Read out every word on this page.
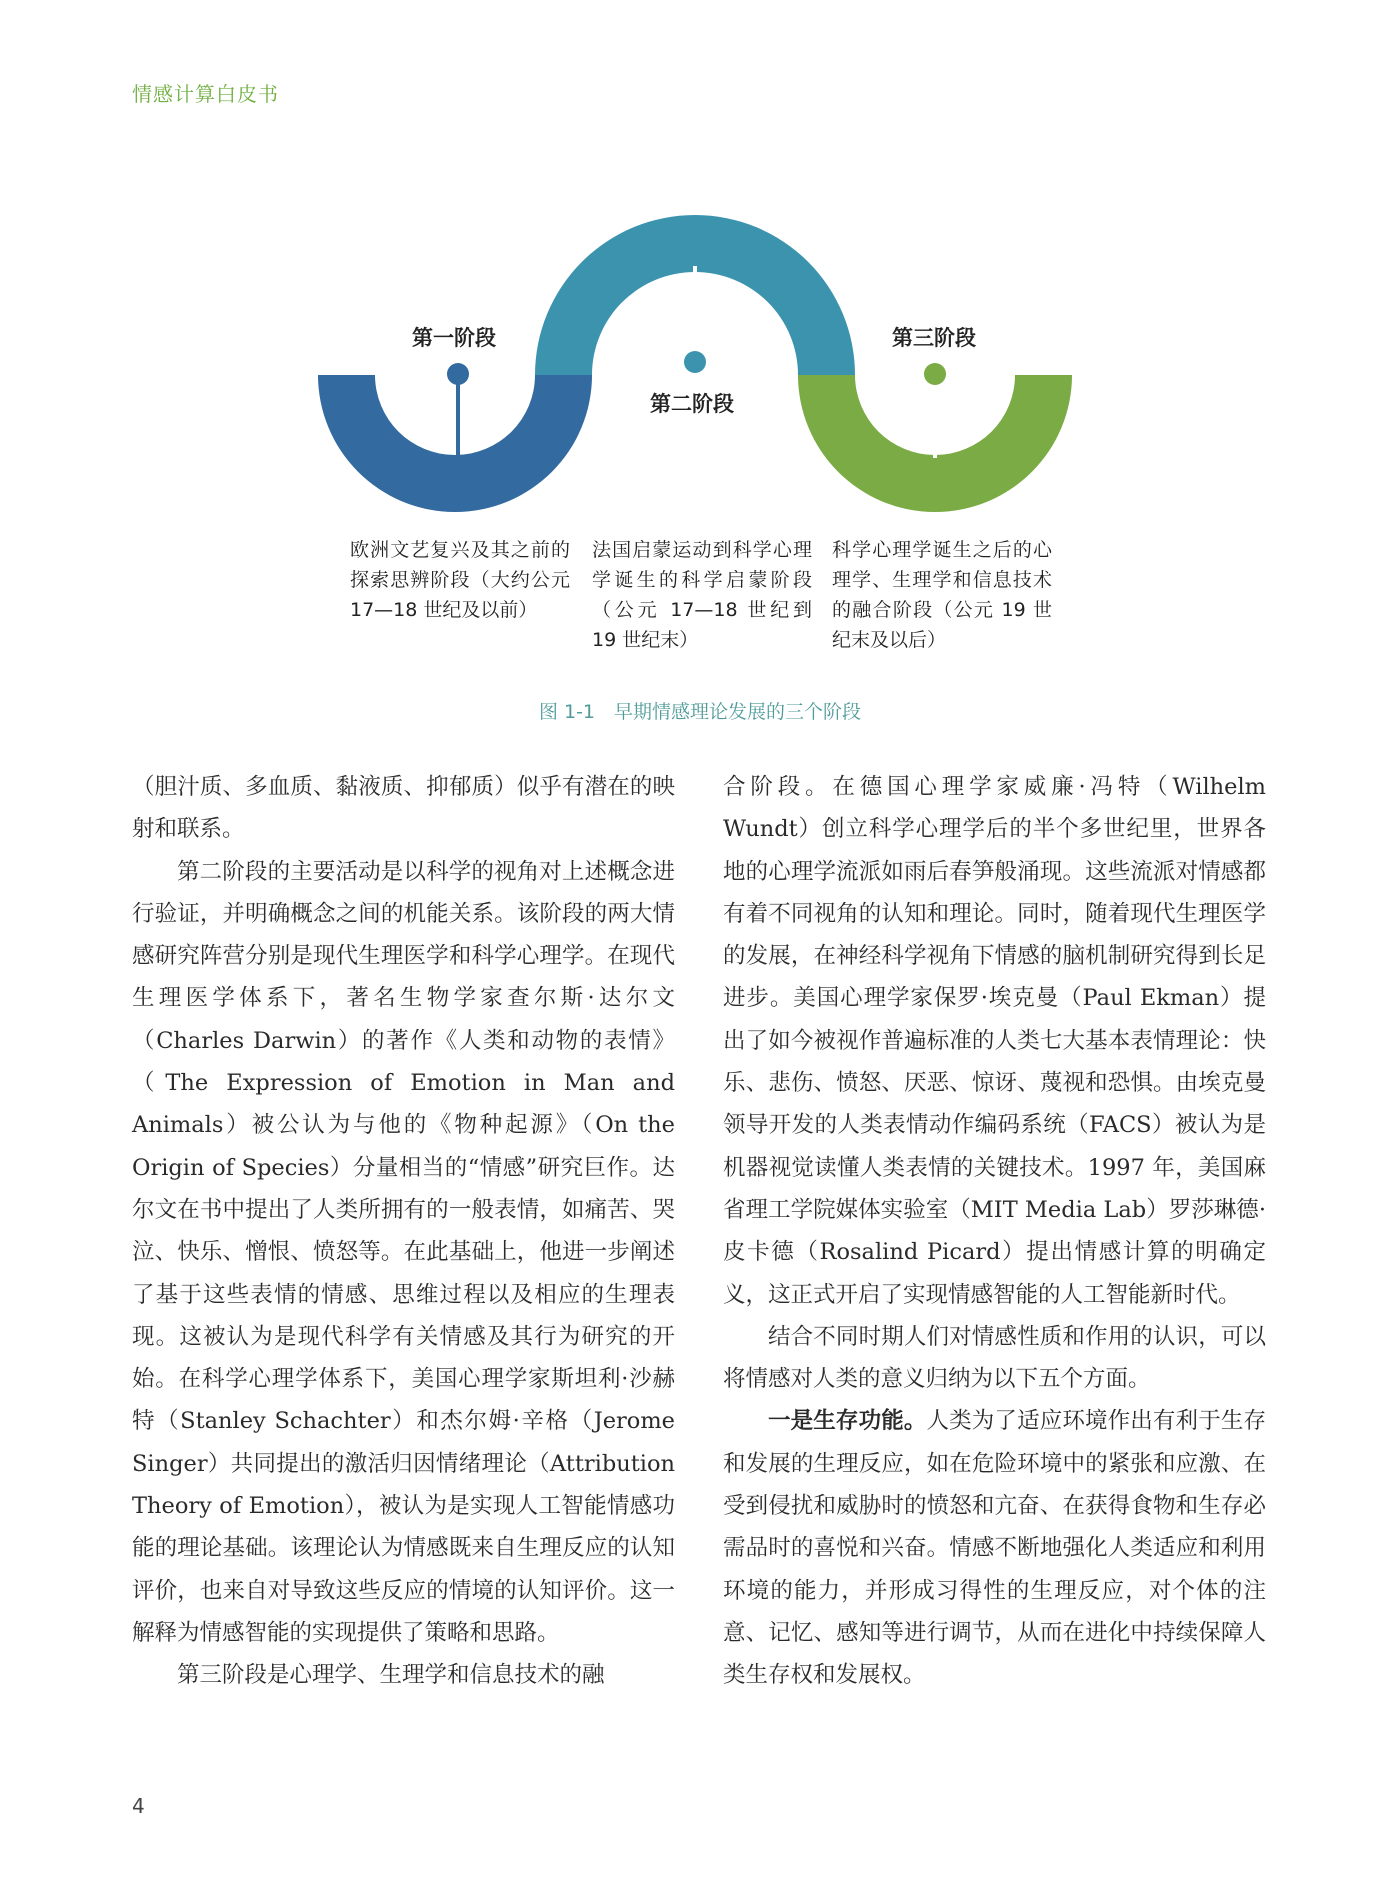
情感计算白皮书
第一阶段
第二阶段
第三阶段
欧洲文艺复兴及其之前的探索思辨阶段（大约公元 17—18 世纪及以前）
法国启蒙运动到科学心理学诞生的科学启蒙阶段（公元 17—18 世纪到 19 世纪末）
科学心理学诞生之后的心理学、生理学和信息技术的融合阶段（公元 19 世纪末及以后）
图 1-1　早期情感理论发展的三个阶段

（胆汁质、多血质、黏液质、抑郁质）似乎有潜在的映射和联系。

第二阶段的主要活动是以科学的视角对上述概念进行验证，并明确概念之间的机能关系。该阶段的两大情感研究阵营分别是现代生理医学和科学心理学。在现代生理医学体系下，著名生物学家查尔斯·达尔文（Charles Darwin）的著作《人类和动物的表情》（The Expression of Emotion in Man and Animals）被公认为与他的《物种起源》（On the Origin of Species）分量相当的“情感”研究巨作。达尔文在书中提出了人类所拥有的一般表情，如痛苦、哭泣、快乐、憎恨、愤怒等。在此基础上，他进一步阐述了基于这些表情的情感、思维过程以及相应的生理表现。这被认为是现代科学有关情感及其行为研究的开始。在科学心理学体系下，美国心理学家斯坦利·沙赫特（Stanley Schachter）和杰尔姆·辛格（Jerome Singer）共同提出的激活归因情绪理论（Attribution Theory of Emotion），被认为是实现人工智能情感功能的理论基础。该理论认为情感既来自生理反应的认知评价，也来自对导致这些反应的情境的认知评价。这一解释为情感智能的实现提供了策略和思路。

第三阶段是心理学、生理学和信息技术的融

合阶段。在德国心理学家威廉·冯特（Wilhelm Wundt）创立科学心理学后的半个多世纪里，世界各地的心理学流派如雨后春笋般涌现。这些流派对情感都有着不同视角的认知和理论。同时，随着现代生理医学的发展，在神经科学视角下情感的脑机制研究得到长足进步。美国心理学家保罗·埃克曼（Paul Ekman）提出了如今被视作普遍标准的人类七大基本表情理论：快乐、悲伤、愤怒、厌恶、惊讶、蔑视和恐惧。由埃克曼领导开发的人类表情动作编码系统（FACS）被认为是机器视觉读懂人类表情的关键技术。1997 年，美国麻省理工学院媒体实验室（MIT Media Lab）罗莎琳德·皮卡德（Rosalind Picard）提出情感计算的明确定义，这正式开启了实现情感智能的人工智能新时代。

结合不同时期人们对情感性质和作用的认识，可以将情感对人类的意义归纳为以下五个方面。

一是生存功能。人类为了适应环境作出有利于生存和发展的生理反应，如在危险环境中的紧张和应激、在受到侵扰和威胁时的愤怒和亢奋、在获得食物和生存必需品时的喜悦和兴奋。情感不断地强化人类适应和利用环境的能力，并形成习得性的生理反应，对个体的注意、记忆、感知等进行调节，从而在进化中持续保障人类生存权和发展权。

4
